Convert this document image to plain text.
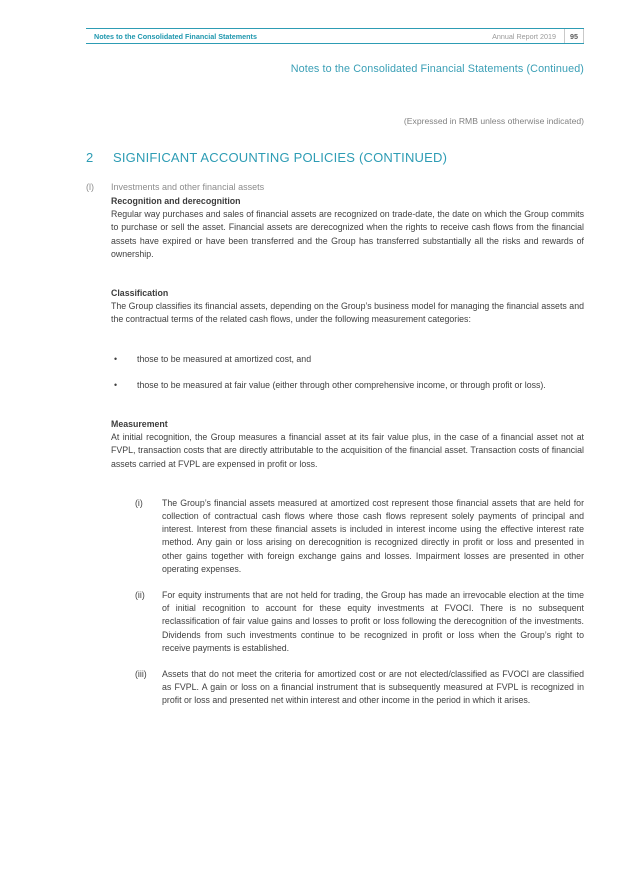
Notes to the Consolidated Financial Statements	Annual Report 2019	95
Notes to the Consolidated Financial Statements (Continued)
(Expressed in RMB unless otherwise indicated)
2	SIGNIFICANT ACCOUNTING POLICIES (CONTINUED)
(l)	Investments and other financial assets
Recognition and derecognition

Regular way purchases and sales of financial assets are recognized on trade-date, the date on which the Group commits to purchase or sell the asset. Financial assets are derecognized when the rights to receive cash flows from the financial assets have expired or have been transferred and the Group has transferred substantially all the risks and rewards of ownership.

Classification

The Group classifies its financial assets, depending on the Group’s business model for managing the financial assets and the contractual terms of the related cash flows, under the following measurement categories:

•	those to be measured at amortized cost, and
•	those to be measured at fair value (either through other comprehensive income, or through profit or loss).
Measurement

At initial recognition, the Group measures a financial asset at its fair value plus, in the case of a financial asset not at FVPL, transaction costs that are directly attributable to the acquisition of the financial asset. Transaction costs of financial assets carried at FVPL are expensed in profit or loss.

(i)	The Group’s financial assets measured at amortized cost represent those financial assets that are held for collection of contractual cash flows where those cash flows represent solely payments of principal and interest. Interest from these financial assets is included in interest income using the effective interest rate method. Any gain or loss arising on derecognition is recognized directly in profit or loss and presented in other gains together with foreign exchange gains and losses. Impairment losses are presented in other operating expenses.
(ii)	For equity instruments that are not held for trading, the Group has made an irrevocable election at the time of initial recognition to account for these equity investments at FVOCI. There is no subsequent reclassification of fair value gains and losses to profit or loss following the derecognition of the investments. Dividends from such investments continue to be recognized in profit or loss when the Group’s right to receive payments is established.
(iii)	Assets that do not meet the criteria for amortized cost or are not elected/classified as FVOCI are classified as FVPL. A gain or loss on a financial instrument that is subsequently measured at FVPL is recognized in profit or loss and presented net within interest and other income in the period in which it arises.
